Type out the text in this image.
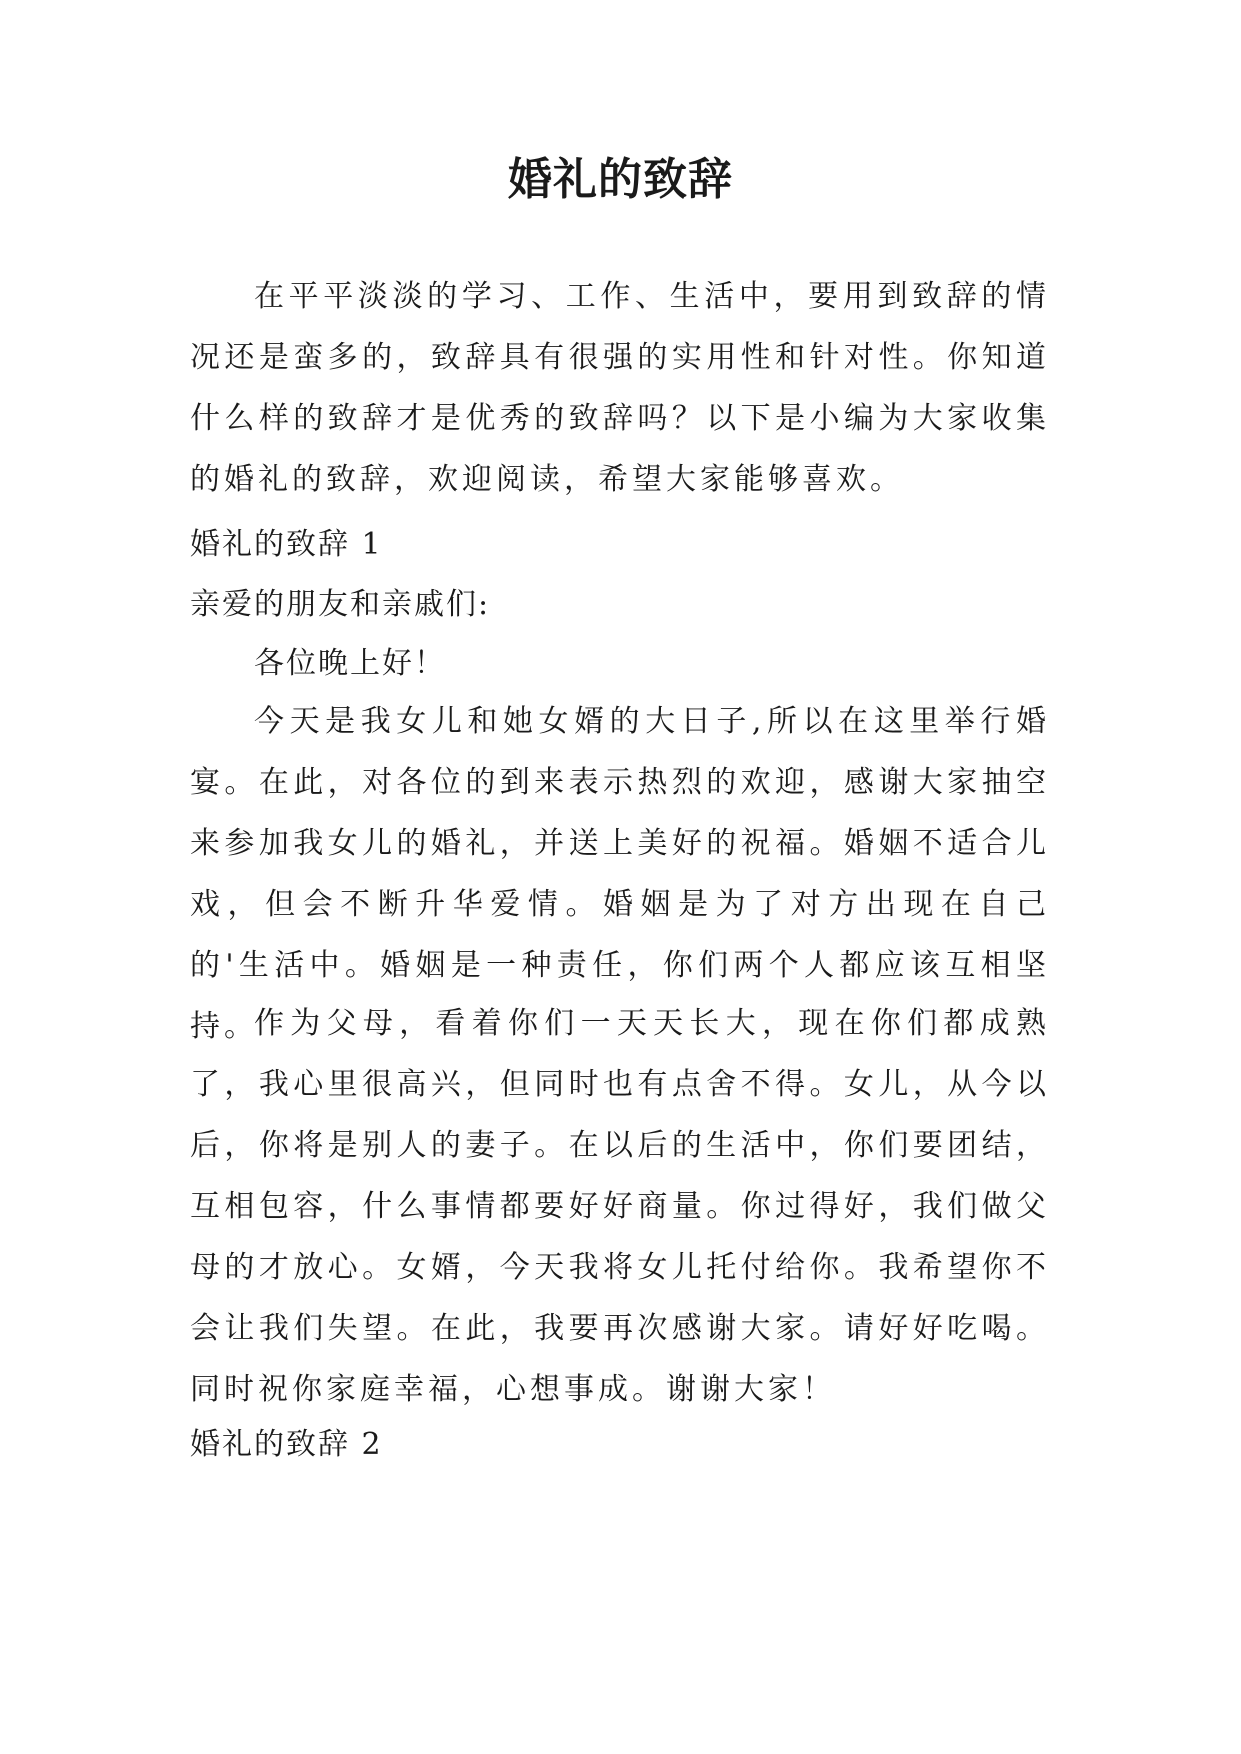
婚礼的致辞

在平平淡淡的学习、工作、生活中，要用到致辞的情况还是蛮多的，致辞具有很强的实用性和针对性。你知道什么样的致辞才是优秀的致辞吗？以下是小编为大家收集的婚礼的致辞，欢迎阅读，希望大家能够喜欢。

婚礼的致辞 1

亲爱的朋友和亲戚们:

各位晚上好！

今天是我女儿和她女婿的大日子,所以在这里举行婚宴。在此，对各位的到来表示热烈的欢迎，感谢大家抽空来参加我女儿的婚礼，并送上美好的祝福。婚姻不适合儿戏，但会不断升华爱情。婚姻是为了对方出现在自己的'生活中。婚姻是一种责任，你们两个人都应该互相坚持。

作为父母，看着你们一天天长大，现在你们都成熟了，我心里很高兴，但同时也有点舍不得。女儿，从今以后，你将是别人的妻子。在以后的生活中，你们要团结，互相包容，什么事情都要好好商量。你过得好，我们做父母的才放心。女婿，今天我将女儿托付给你。我希望你不会让我们失望。在此，我要再次感谢大家。请好好吃喝。同时祝你家庭幸福，心想事成。谢谢大家！

婚礼的致辞 2
